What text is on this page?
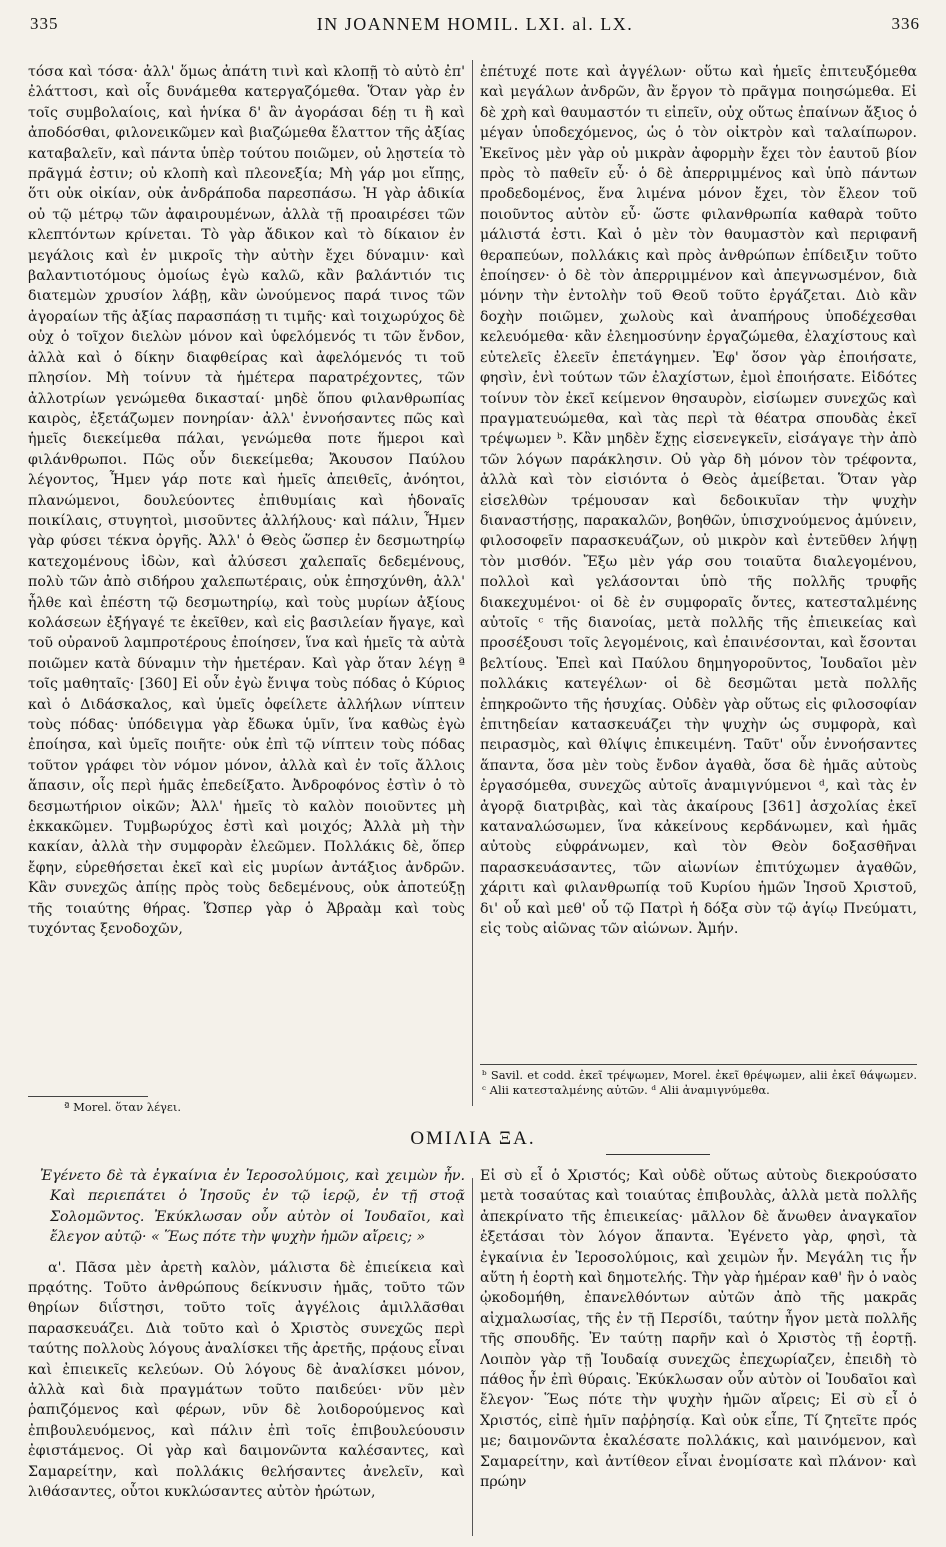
335	IN JOANNEM HOMIL. LXI. al. LX.	336

τόσα καὶ τόσα· ἀλλ' ὅμως ἀπάτη τινὶ καὶ κλοπῇ τὸ αὐτὸ ἐπ' ἐλάττοσι, καὶ οἷς δυνάμεθα κατεργαζόμεθα. Ὅταν γὰρ ἐν τοῖς συμβολαίοις, καὶ ἡνίκα δ' ἂν ἀγοράσαι δέῃ τι ἢ καὶ ἀποδόσθαι, φιλονεικῶμεν καὶ βιαζώμεθα ἔλαττον τῆς ἀξίας καταβαλεῖν, καὶ πάντα ὑπὲρ τούτου ποιῶμεν, οὐ λῃστεία τὸ πρᾶγμά ἐστιν; οὐ κλοπὴ καὶ πλεονεξία; Μὴ γάρ μοι εἴπῃς, ὅτι οὐκ οἰκίαν, οὐκ ἀνδράποδα παρεσπάσω. Ἡ γὰρ ἀδικία οὐ τῷ μέτρῳ τῶν ἀφαιρουμένων, ἀλλὰ τῇ προαιρέσει τῶν κλεπτόντων κρίνεται. Τὸ γὰρ ἄδικον καὶ τὸ δίκαιον ἐν μεγάλοις καὶ ἐν μικροῖς τὴν αὐτὴν ἔχει δύναμιν· καὶ βαλαντιοτόμους ὁμοίως ἐγὼ καλῶ, κἂν βαλάντιόν τις διατεμὼν χρυσίον λάβῃ, κἂν ὠνούμενος παρά τινος τῶν ἀγοραίων τῆς ἀξίας παρασπάσῃ τι τιμῆς· καὶ τοιχωρύχος δὲ οὐχ ὁ τοῖχον διελὼν μόνον καὶ ὑφελόμενός τι τῶν ἔνδον, ἀλλὰ καὶ ὁ δίκην διαφθείρας καὶ ἀφελόμενός τι τοῦ πλησίον. Μὴ τοίνυν τὰ ἡμέτερα παρατρέχοντες, τῶν ἀλλοτρίων γενώμεθα δικασταί· μηδὲ ὅπου φιλανθρωπίας καιρὸς, ἐξετάζωμεν πονηρίαν· ἀλλ' ἐννοήσαντες πῶς καὶ ἡμεῖς διεκείμεθα πάλαι, γενώμεθα ποτε ἥμεροι καὶ φιλάνθρωποι. Πῶς οὖν διεκείμεθα; Ἄκουσον Παύλου λέγοντος, Ἦμεν γάρ ποτε καὶ ἡμεῖς ἀπειθεῖς, ἀνόητοι, πλανώμενοι, δουλεύοντες ἐπιθυμίαις καὶ ἡδοναῖς ποικίλαις, στυγητοὶ, μισοῦντες ἀλλήλους· καὶ πάλιν, Ἦμεν γὰρ φύσει τέκνα ὀργῆς. Ἀλλ' ὁ Θεὸς ὥσπερ ἐν δεσμωτηρίῳ κατεχομένους ἰδὼν, καὶ ἀλύσεσι χαλεπαῖς δεδεμένους, πολὺ τῶν ἀπὸ σιδήρου χαλεπωτέραις, οὐκ ἐπησχύνθη, ἀλλ' ἦλθε καὶ ἐπέστη τῷ δεσμωτηρίῳ, καὶ τοὺς μυρίων ἀξίους κολάσεων ἐξήγαγέ τε ἐκεῖθεν, καὶ εἰς βασιλείαν ἤγαγε, καὶ τοῦ οὐρανοῦ λαμπροτέρους ἐποίησεν, ἵνα καὶ ἡμεῖς τὰ αὐτὰ ποιῶμεν κατὰ δύναμιν τὴν ἡμετέραν. Καὶ γὰρ ὅταν λέγῃ ª τοῖς μαθηταῖς· [360] Εἰ οὖν ἐγὼ ἔνιψα τοὺς πόδας ὁ Κύριος καὶ ὁ Διδάσκαλος, καὶ ὑμεῖς ὀφείλετε ἀλλήλων νίπτειν τοὺς πόδας· ὑπόδειγμα γὰρ ἔδωκα ὑμῖν, ἵνα καθὼς ἐγὼ ἐποίησα, καὶ ὑμεῖς ποιῆτε· οὐκ ἐπὶ τῷ νίπτειν τοὺς πόδας τοῦτον γράφει τὸν νόμον μόνον, ἀλλὰ καὶ ἐν τοῖς ἄλλοις ἅπασιν, οἷς περὶ ἡμᾶς ἐπεδείξατο. Ἀνδροφόνος ἐστὶν ὁ τὸ δεσμωτήριον οἰκῶν; Ἀλλ' ἡμεῖς τὸ καλὸν ποιοῦντες μὴ ἐκκακῶμεν. Τυμβωρύχος ἐστὶ καὶ μοιχός; Ἀλλὰ μὴ τὴν κακίαν, ἀλλὰ τὴν συμφορὰν ἐλεῶμεν. Πολλάκις δὲ, ὅπερ ἔφην, εὑρεθήσεται ἐκεῖ καὶ εἰς μυρίων ἀντάξιος ἀνδρῶν. Κἂν συνεχῶς ἀπίῃς πρὸς τοὺς δεδεμένους, οὐκ ἀποτεύξῃ τῆς τοιαύτης θήρας. Ὥσπερ γὰρ ὁ Ἀβραὰμ καὶ τοὺς τυχόντας ξενοδοχῶν,

ἐπέτυχέ ποτε καὶ ἀγγέλων· οὕτω καὶ ἡμεῖς ἐπιτευξόμεθα καὶ μεγάλων ἀνδρῶν, ἂν ἔργον τὸ πρᾶγμα ποιησώμεθα. Εἰ δὲ χρὴ καὶ θαυμαστόν τι εἰπεῖν, οὐχ οὕτως ἐπαίνων ἄξιος ὁ μέγαν ὑποδεχόμενος, ὡς ὁ τὸν οἰκτρὸν καὶ ταλαίπωρον. Ἐκεῖνος μὲν γὰρ οὐ μικρὰν ἀφορμὴν ἔχει τὸν ἑαυτοῦ βίον πρὸς τὸ παθεῖν εὖ· ὁ δὲ ἀπερριμμένος καὶ ὑπὸ πάντων προδεδομένος, ἕνα λιμένα μόνον ἔχει, τὸν ἔλεον τοῦ ποιοῦντος αὐτὸν εὖ· ὥστε φιλανθρωπία καθαρὰ τοῦτο μάλιστά ἐστι. Καὶ ὁ μὲν τὸν θαυμαστὸν καὶ περιφανῆ θεραπεύων, πολλάκις καὶ πρὸς ἀνθρώπων ἐπίδειξιν τοῦτο ἐποίησεν· ὁ δὲ τὸν ἀπερριμμένον καὶ ἀπεγνωσμένον, διὰ μόνην τὴν ἐντολὴν τοῦ Θεοῦ τοῦτο ἐργάζεται. Διὸ κἂν δοχὴν ποιῶμεν, χωλοὺς καὶ ἀναπήρους ὑποδέχεσθαι κελευόμεθα· κἂν ἐλεημοσύνην ἐργαζώμεθα, ἐλαχίστους καὶ εὐτελεῖς ἐλεεῖν ἐπετάγημεν. Ἐφ' ὅσον γὰρ ἐποιήσατε, φησὶν, ἑνὶ τούτων τῶν ἐλαχίστων, ἐμοὶ ἐποιήσατε. Εἰδότες τοίνυν τὸν ἐκεῖ κείμενον θησαυρὸν, εἰσίωμεν συνεχῶς καὶ πραγματευώμεθα, καὶ τὰς περὶ τὰ θέατρα σπουδὰς ἐκεῖ τρέψωμεν ᵇ. Κἂν μηδὲν ἔχῃς εἰσενεγκεῖν, εἰσάγαγε τὴν ἀπὸ τῶν λόγων παράκλησιν. Οὐ γὰρ δὴ μόνον τὸν τρέφοντα, ἀλλὰ καὶ τὸν εἰσιόντα ὁ Θεὸς ἀμείβεται. Ὅταν γὰρ εἰσελθὼν τρέμουσαν καὶ δεδοικυῖαν τὴν ψυχὴν διαναστήσῃς, παρακαλῶν, βοηθῶν, ὑπισχνούμενος ἀμύνειν, φιλοσοφεῖν παρασκευάζων, οὐ μικρὸν καὶ ἐντεῦθεν λήψῃ τὸν μισθόν. Ἔξω μὲν γάρ σου τοιαῦτα διαλεγομένου, πολλοὶ καὶ γελάσονται ὑπὸ τῆς πολλῆς τρυφῆς διακεχυμένοι· οἱ δὲ ἐν συμφοραῖς ὄντες, κατεσταλμένης αὐτοῖς ᶜ τῆς διανοίας, μετὰ πολλῆς τῆς ἐπιεικείας καὶ προσέξουσι τοῖς λεγομένοις, καὶ ἐπαινέσονται, καὶ ἔσονται βελτίους. Ἐπεὶ καὶ Παύλου δημηγοροῦντος, Ἰουδαῖοι μὲν πολλάκις κατεγέλων· οἱ δὲ δεσμῶται μετὰ πολλῆς ἐπηκροῶντο τῆς ἡσυχίας. Οὐδὲν γὰρ οὕτως εἰς φιλοσοφίαν ἐπιτηδείαν κατασκευάζει τὴν ψυχὴν ὡς συμφορὰ, καὶ πειρασμὸς, καὶ θλίψις ἐπικειμένη. Ταῦτ' οὖν ἐννοήσαντες ἅπαντα, ὅσα μὲν τοὺς ἔνδον ἀγαθὰ, ὅσα δὲ ἡμᾶς αὐτοὺς ἐργασόμεθα, συνεχῶς αὐτοῖς ἀναμιγνύμενοι ᵈ, καὶ τὰς ἐν ἀγορᾷ διατριβὰς, καὶ τὰς ἀκαίρους [361] ἀσχολίας ἐκεῖ καταναλώσωμεν, ἵνα κἀκείνους κερδάνωμεν, καὶ ἡμᾶς αὐτοὺς εὐφράνωμεν, καὶ τὸν Θεὸν δοξασθῆναι παρασκευάσαντες, τῶν αἰωνίων ἐπιτύχωμεν ἀγαθῶν, χάριτι καὶ φιλανθρωπίᾳ τοῦ Κυρίου ἡμῶν Ἰησοῦ Χριστοῦ, δι' οὗ καὶ μεθ' οὗ τῷ Πατρὶ ἡ δόξα σὺν τῷ ἁγίῳ Πνεύματι, εἰς τοὺς αἰῶνας τῶν αἰώνων. Ἀμήν.

ª Morel. ὅταν λέγει.
ᵇ Savil. et codd. ἐκεῖ τρέψωμεν, Morel. ἐκεῖ θρέψωμεν, alii ἐκεῖ θάψωμεν. ᶜ Alii κατεσταλμένης αὐτῶν. ᵈ Alii ἀναμιγνύμεθα.
ΟΜΙΛΙΑ ΞΑ.

Ἐγένετο δὲ τὰ ἐγκαίνια ἐν Ἱεροσολύμοις, καὶ χειμὼν ἦν. Καὶ περιεπάτει ὁ Ἰησοῦς ἐν τῷ ἱερῷ, ἐν τῇ στοᾷ Σολομῶντος. Ἐκύκλωσαν οὖν αὐτὸν οἱ Ἰουδαῖοι, καὶ ἔλεγον αὐτῷ· « Ἕως πότε τὴν ψυχὴν ἡμῶν αἴρεις; »

α'. Πᾶσα μὲν ἀρετὴ καλὸν, μάλιστα δὲ ἐπιείκεια καὶ πρᾳότης. Τοῦτο ἀνθρώπους δείκνυσιν ἡμᾶς, τοῦτο τῶν θηρίων διΐστησι, τοῦτο τοῖς ἀγγέλοις ἁμιλλᾶσθαι παρασκευάζει. Διὰ τοῦτο καὶ ὁ Χριστὸς συνεχῶς περὶ ταύτης πολλοὺς λόγους ἀναλίσκει τῆς ἀρετῆς, πρᾴους εἶναι καὶ ἐπιεικεῖς κελεύων. Οὐ λόγους δὲ ἀναλίσκει μόνον, ἀλλὰ καὶ διὰ πραγμάτων τοῦτο παιδεύει· νῦν μὲν ῥαπιζόμενος καὶ φέρων, νῦν δὲ λοιδορούμενος καὶ ἐπιβουλευόμενος, καὶ πάλιν ἐπὶ τοῖς ἐπιβουλεύουσιν ἐφιστάμενος. Οἱ γὰρ καὶ δαιμονῶντα καλέσαντες, καὶ Σαμαρείτην, καὶ πολλάκις θελήσαντες ἀνελεῖν, καὶ λιθάσαντες, οὗτοι κυκλώσαντες αὐτὸν ἠρώτων,

Εἰ σὺ εἶ ὁ Χριστός; Καὶ οὐδὲ οὕτως αὐτοὺς διεκρούσατο μετὰ τοσαύτας καὶ τοιαύτας ἐπιβουλὰς, ἀλλὰ μετὰ πολλῆς ἀπεκρίνατο τῆς ἐπιεικείας· μᾶλλον δὲ ἄνωθεν ἀναγκαῖον ἐξετάσαι τὸν λόγον ἅπαντα. Ἐγένετο γὰρ, φησὶ, τὰ ἐγκαίνια ἐν Ἱεροσολύμοις, καὶ χειμὼν ἦν. Μεγάλη τις ἦν αὕτη ἡ ἑορτὴ καὶ δημοτελής. Τὴν γὰρ ἡμέραν καθ' ἣν ὁ ναὸς ᾠκοδομήθη, ἐπανελθόντων αὐτῶν ἀπὸ τῆς μακρᾶς αἰχμαλωσίας, τῆς ἐν τῇ Περσίδι, ταύτην ἦγον μετὰ πολλῆς τῆς σπουδῆς. Ἐν ταύτῃ παρῆν καὶ ὁ Χριστὸς τῇ ἑορτῇ. Λοιπὸν γὰρ τῇ Ἰουδαίᾳ συνεχῶς ἐπεχωρίαζεν, ἐπειδὴ τὸ πάθος ἦν ἐπὶ θύραις. Ἐκύκλωσαν οὖν αὐτὸν οἱ Ἰουδαῖοι καὶ ἔλεγον· Ἕως πότε τὴν ψυχὴν ἡμῶν αἴρεις; Εἰ σὺ εἶ ὁ Χριστός, εἰπὲ ἡμῖν παῤῥησίᾳ. Καὶ οὐκ εἶπε, Τί ζητεῖτε πρός με; δαιμονῶντα ἐκαλέσατε πολλάκις, καὶ μαινόμενον, καὶ Σαμαρείτην, καὶ ἀντίθεον εἶναι ἐνομίσατε καὶ πλάνον· καὶ πρώην
